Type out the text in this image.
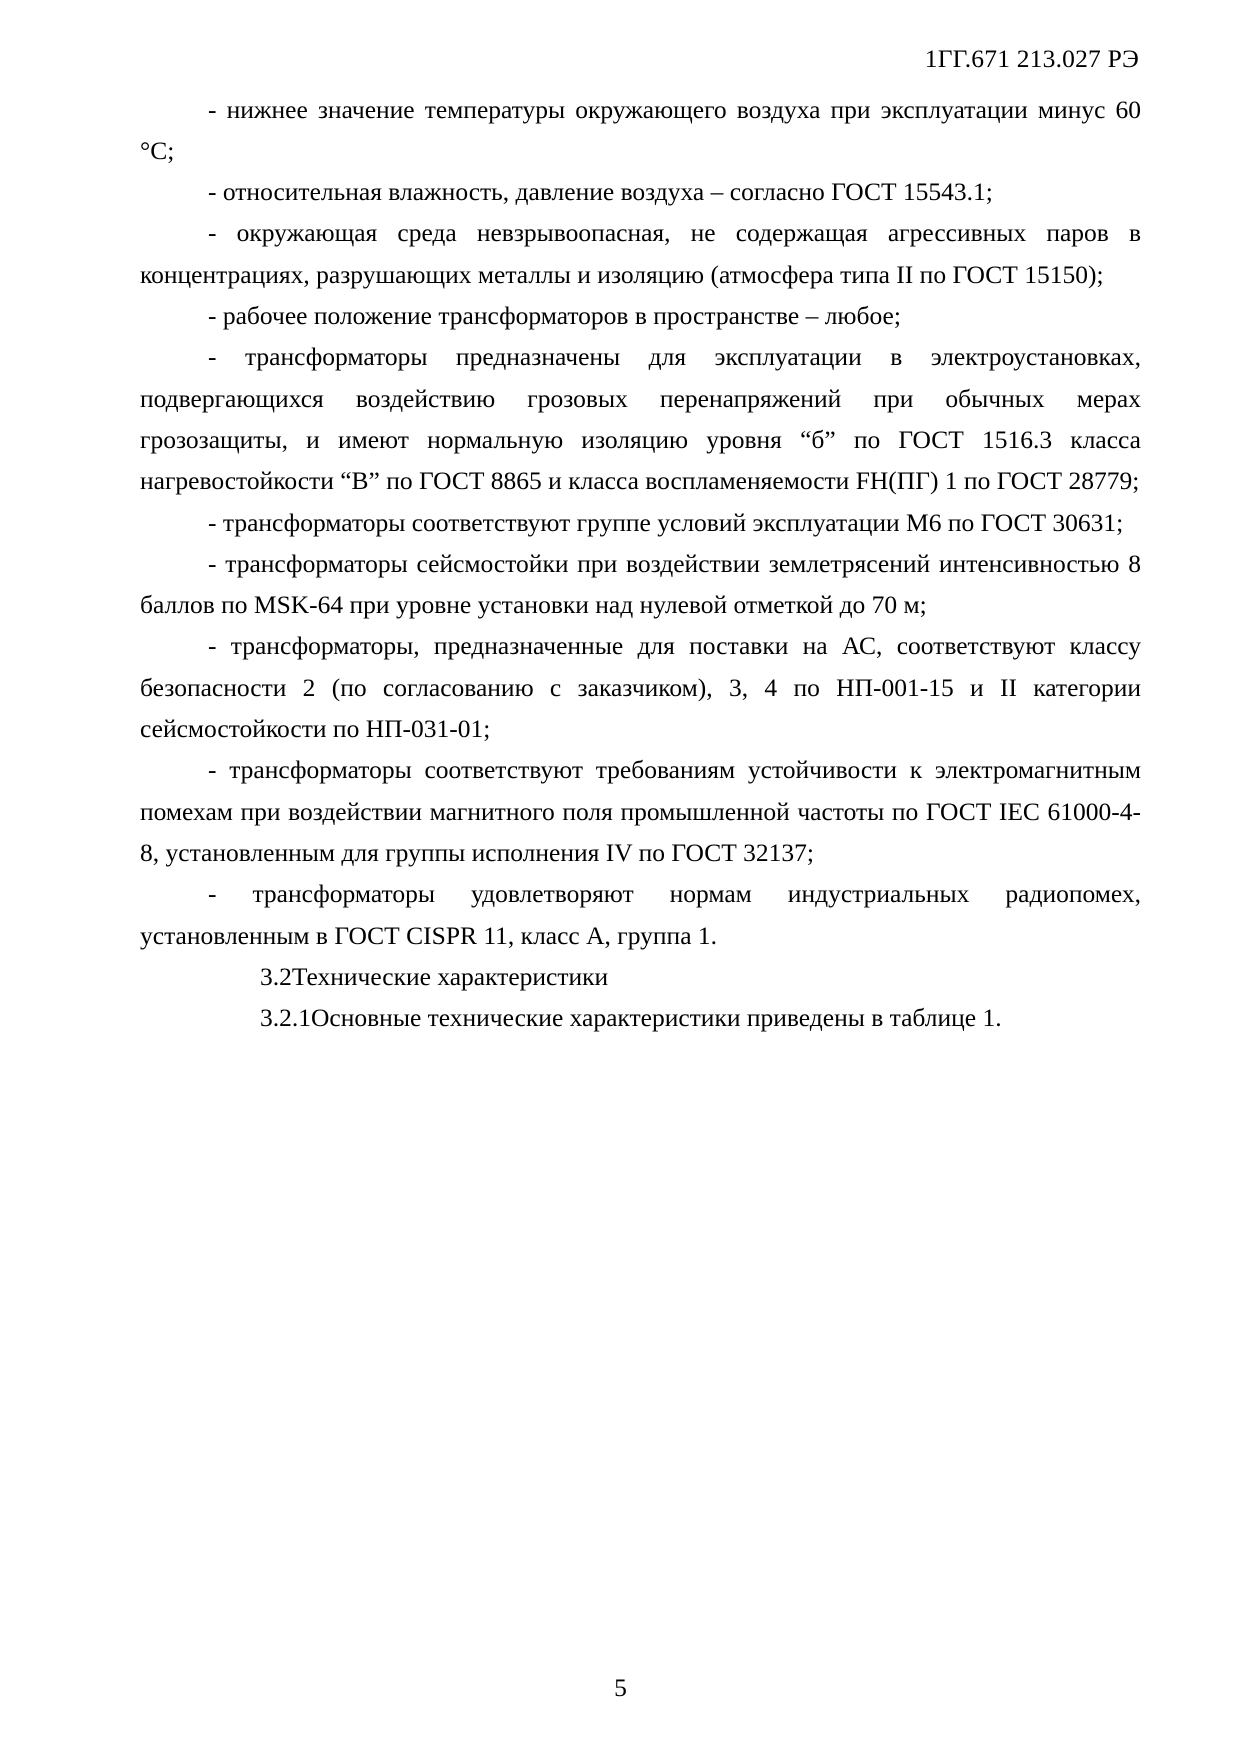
1ГГ.671 213.027 РЭ

- нижнее значение температуры окружающего воздуха при эксплуатации минус 60 °C;

- относительная влажность, давление воздуха – согласно ГОСТ 15543.1;

- окружающая среда невзрывоопасная, не содержащая агрессивных паров в концентрациях, разрушающих металлы и изоляцию (атмосфера типа II по ГОСТ 15150);

- рабочее положение трансформаторов в пространстве – любое;

- трансформаторы предназначены для эксплуатации в электроустановках, подвергающихся воздействию грозовых перенапряжений при обычных мерах грозозащиты, и имеют нормальную изоляцию уровня “б” по ГОСТ 1516.3 класса нагревостойкости “B” по ГОСТ 8865 и класса воспламеняемости FH(ПГ) 1 по ГОСТ 28779;

- трансформаторы соответствуют группе условий эксплуатации М6 по ГОСТ 30631;

- трансформаторы сейсмостойки при воздействии землетрясений интенсивностью 8 баллов по MSK-64 при уровне установки над нулевой отметкой до 70 м;

- трансформаторы, предназначенные для поставки на АС, соответствуют классу безопасности 2 (по согласованию с заказчиком), 3, 4 по НП-001-15 и II категории сейсмостойкости по НП-031-01;

- трансформаторы соответствуют требованиям устойчивости к электромагнитным помехам при воздействии магнитного поля промышленной частоты по ГОСТ IEC 61000-4-8, установленным для группы исполнения IV по ГОСТ 32137;

- трансформаторы удовлетворяют нормам индустриальных радиопомех, установленным в ГОСТ CISPR 11, класс А, группа 1.

3.2Технические характеристики

3.2.1Основные технические характеристики приведены в таблице 1.

5
